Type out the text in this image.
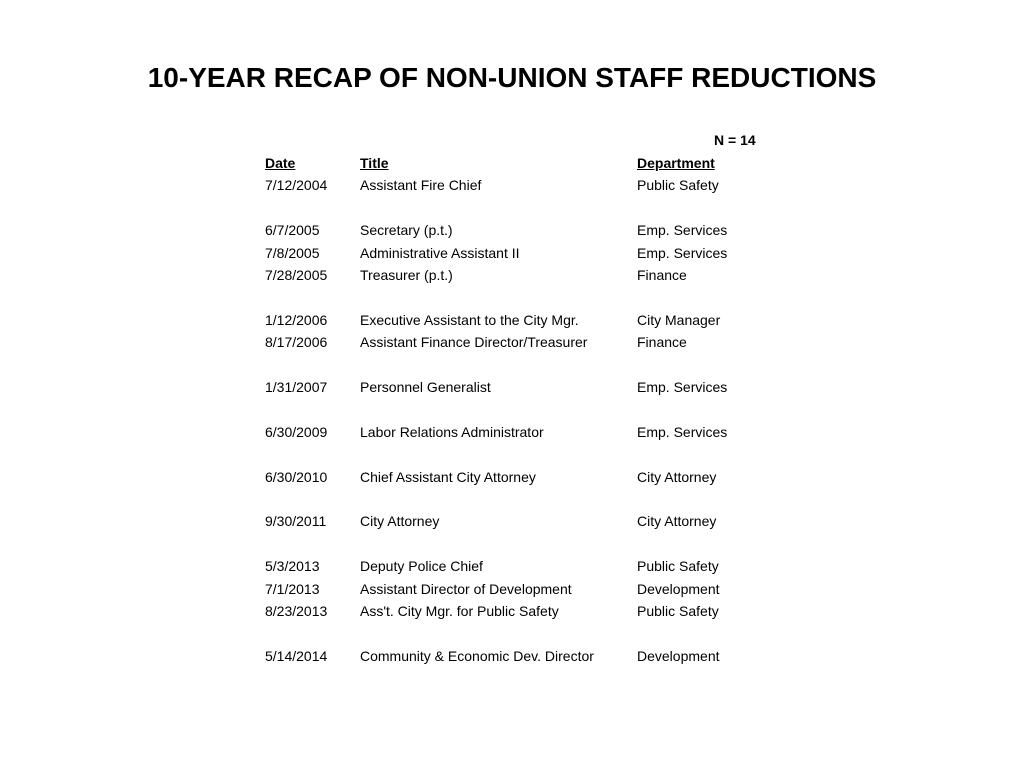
10-YEAR RECAP OF NON-UNION STAFF REDUCTIONS
N = 14
Date	Title	Department
7/12/2004	Assistant Fire Chief	Public Safety

6/7/2005	Secretary (p.t.)	Emp. Services
7/8/2005	Administrative Assistant II	Emp. Services
7/28/2005	Treasurer (p.t.)	Finance

1/12/2006	Executive Assistant to the City Mgr.	City Manager
8/17/2006	Assistant Finance Director/Treasurer	Finance

1/31/2007	Personnel Generalist	Emp. Services

6/30/2009	Labor Relations Administrator	Emp. Services

6/30/2010	Chief Assistant City Attorney	City Attorney

9/30/2011	City Attorney	City Attorney

5/3/2013	Deputy Police Chief	Public Safety
7/1/2013	Assistant Director of Development	Development
8/23/2013	Ass't. City Mgr. for Public Safety	Public Safety

5/14/2014	Community & Economic Dev. Director	Development
